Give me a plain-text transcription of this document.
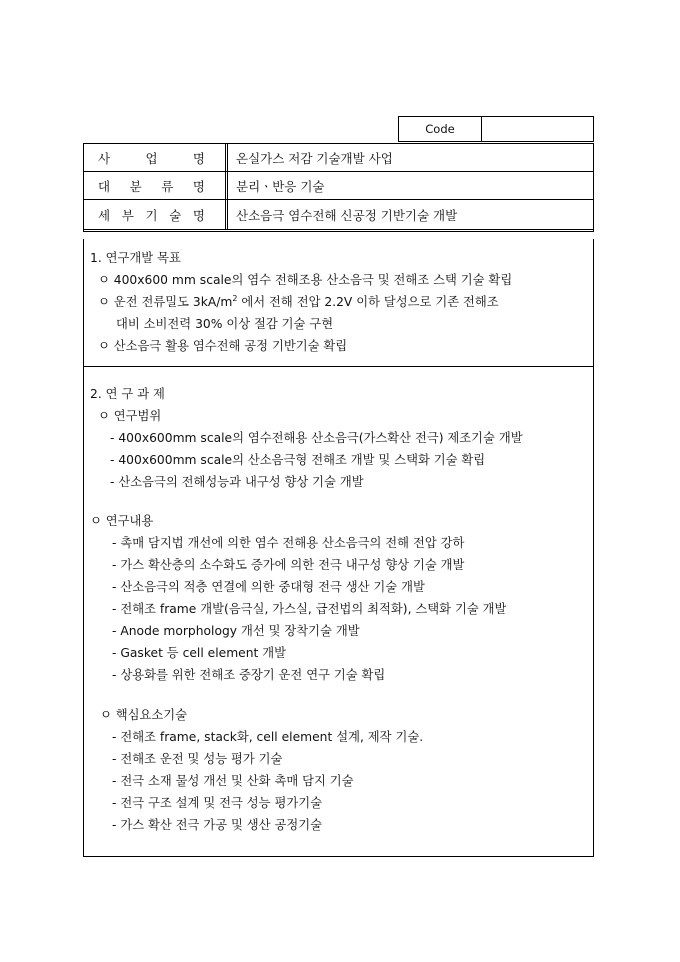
Code
사	업	명	온실가스 저감 기술개발 사업
대 분 류 명	분리ㆍ반응 기술
세 부 기 술 명	산소음극 염수전해 신공정 기반기술 개발
1. 연구개발 목표
ㅇ 400x600 mm scale의 염수 전해조용 산소음극 및 전해조 스택 기술 확립
ㅇ 운전 전류밀도 $3kA/m^2$ 에서 전해 전압 2.2V 이하 달성으로 기존 전해조
대비 소비전력 30% 이상 절감 기술 구현
ㅇ 산소음극 활용 염수전해 공정 기반기술 확립
2. 연 구 과 제
ㅇ 연구범위
- 400x600mm scale의 염수전해용 산소음극(가스확산 전극) 제조기술 개발
- 400x600mm scale의 산소음극형 전해조 개발 및 스택화 기술 확립
- 산소음극의 전해성능과 내구성 향상 기술 개발
ㅇ 연구내용
- 촉매 담지법 개선에 의한 염수 전해용 산소음극의 전해 전압 강하
- 가스 확산층의 소수화도 증가에 의한 전극 내구성 향상 기술 개발
- 산소음극의 적층 연결에 의한 중대형 전극 생산 기술 개발
- 전해조 frame 개발(음극실, 가스실, 급전법의 최적화), 스택화 기술 개발
- Anode morphology 개선 및 장착기술 개발
- Gasket 등 cell element 개발
- 상용화를 위한 전해조 중장기 운전 연구 기술 확립
ㅇ 핵심요소기술
- 전해조 frame, stack화, cell element 설계, 제작 기술.
- 전해조 운전 및 성능 평가 기술
- 전극 소재 물성 개선 및 산화 촉매 담지 기술
- 전극 구조 설계 및 전극 성능 평가기술
- 가스 확산 전극 가공 및 생산 공정기술
